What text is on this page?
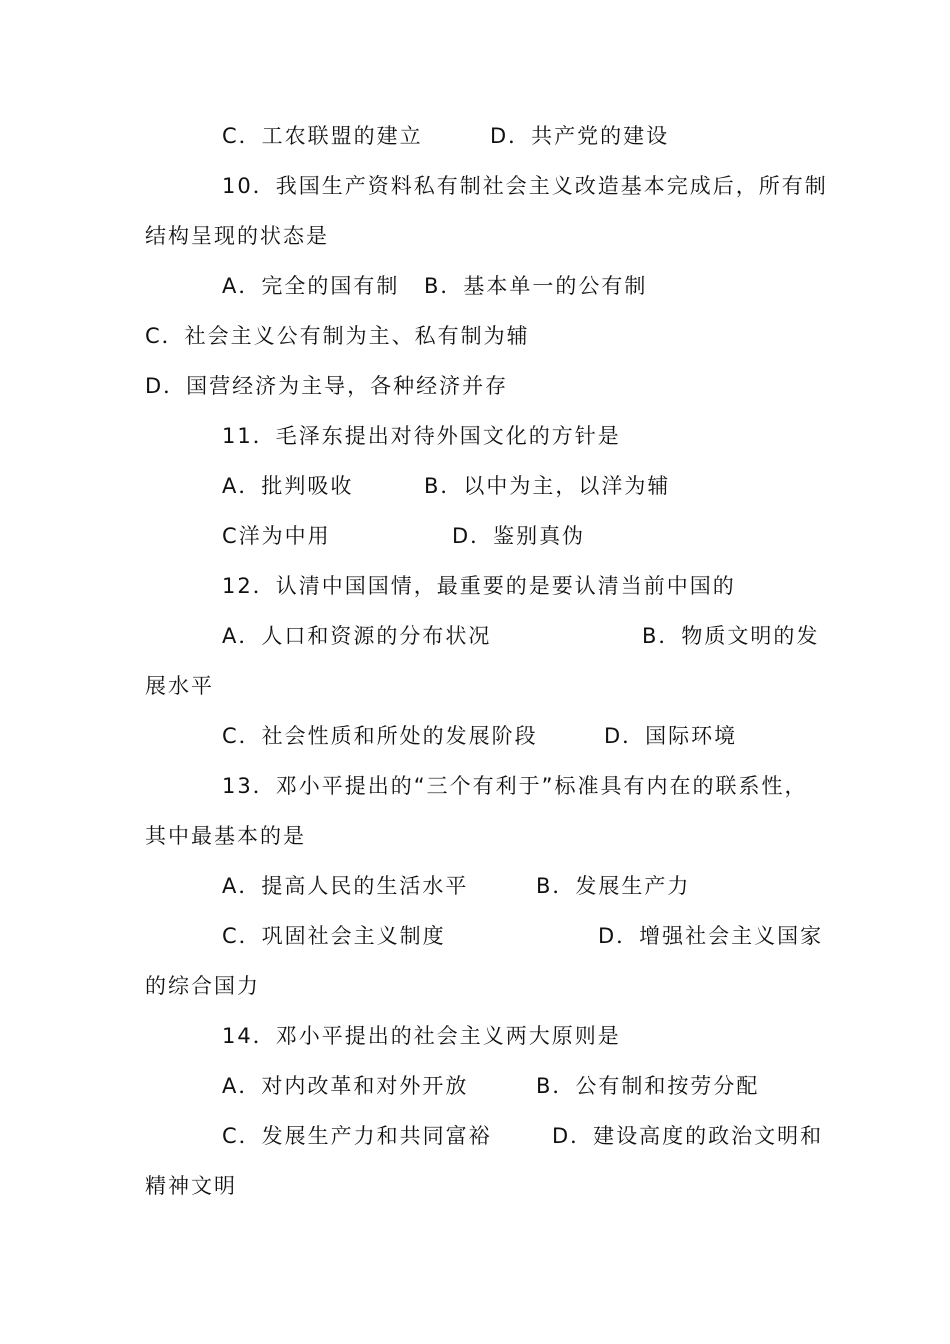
C．工农联盟的建立	D．共产党的建设
10．我国生产资料私有制社会主义改造基本完成后，所有制
结构呈现的状态是
A．完全的国有制 B．基本单一的公有制
C．社会主义公有制为主、私有制为辅
D．国营经济为主导，各种经济并存
11．毛泽东提出对待外国文化的方针是
A．批判吸收	B．以中为主，以洋为辅
C洋为中用	D．鉴别真伪
12．认清中国国情，最重要的是要认清当前中国的
A．人口和资源的分布状况	B．物质文明的发
展水平
C．社会性质和所处的发展阶段	D．国际环境
13．邓小平提出的“三个有利于”标准具有内在的联系性，
其中最基本的是
A．提高人民的生活水平	B．发展生产力
C．巩固社会主义制度	D．增强社会主义国家
的综合国力
14．邓小平提出的社会主义两大原则是
A．对内改革和对外开放	B．公有制和按劳分配
C．发展生产力和共同富裕	D．建设高度的政治文明和
精神文明
